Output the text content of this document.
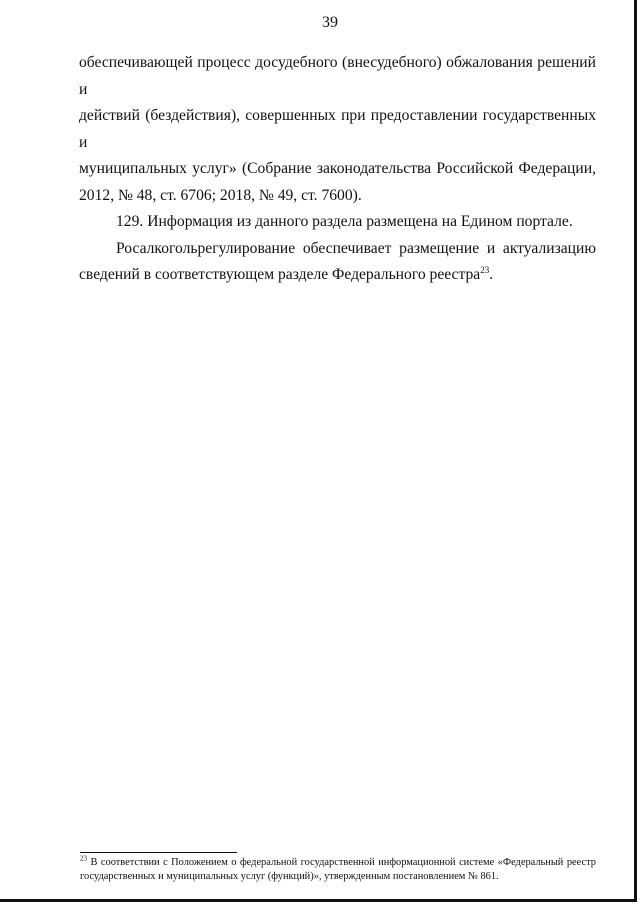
39

обеспечивающей процесс досудебного (внесудебного) обжалования решений и
действий (бездействия), совершенных при предоставлении государственных и
муниципальных услуг» (Собрание законодательства Российской Федерации,
2012, № 48, ст. 6706; 2018, № 49, ст. 7600).

129. Информация из данного раздела размещена на Едином портале.

Росалкогольрегулирование обеспечивает размещение и актуализацию сведений в соответствующем разделе Федерального реестра$^{23}$.

$^{23}$ В соответствии с Положением о федеральной государственной информационной системе «Федеральный реестр государственных и муниципальных услуг (функций)», утвержденным постановлением № 861.
